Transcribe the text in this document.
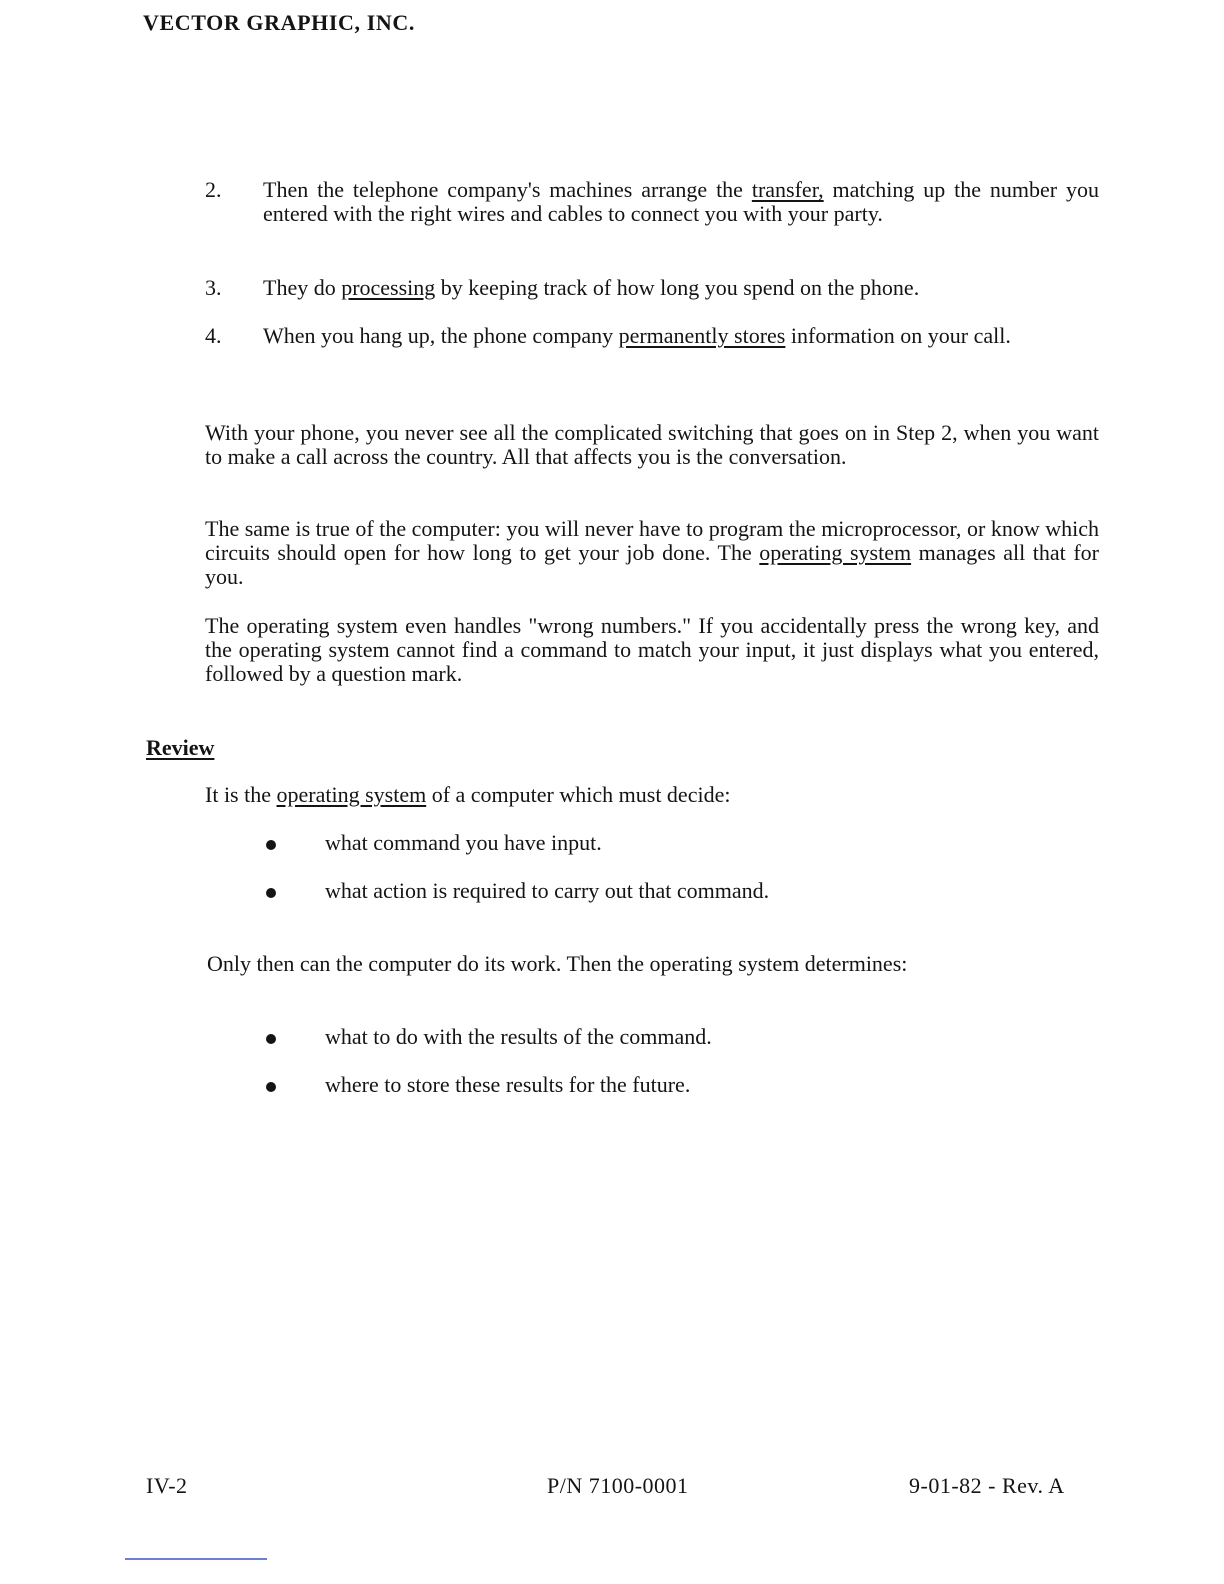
VECTOR GRAPHIC, INC.
2. Then the telephone company's machines arrange the transfer, matching up the number you entered with the right wires and cables to connect you with your party.
3. They do processing by keeping track of how long you spend on the phone.
4. When you hang up, the phone company permanently stores information on your call.
With your phone, you never see all the complicated switching that goes on in Step 2, when you want to make a call across the country. All that affects you is the conversation.
The same is true of the computer: you will never have to program the microprocessor, or know which circuits should open for how long to get your job done. The operating system manages all that for you.
The operating system even handles "wrong numbers." If you accidentally press the wrong key, and the operating system cannot find a command to match your input, it just displays what you entered, followed by a question mark.
Review
It is the operating system of a computer which must decide:
what command you have input.
what action is required to carry out that command.
Only then can the computer do its work. Then the operating system determines:
what to do with the results of the command.
where to store these results for the future.
IV-2	P/N 7100-0001	9-01-82 - Rev. A
